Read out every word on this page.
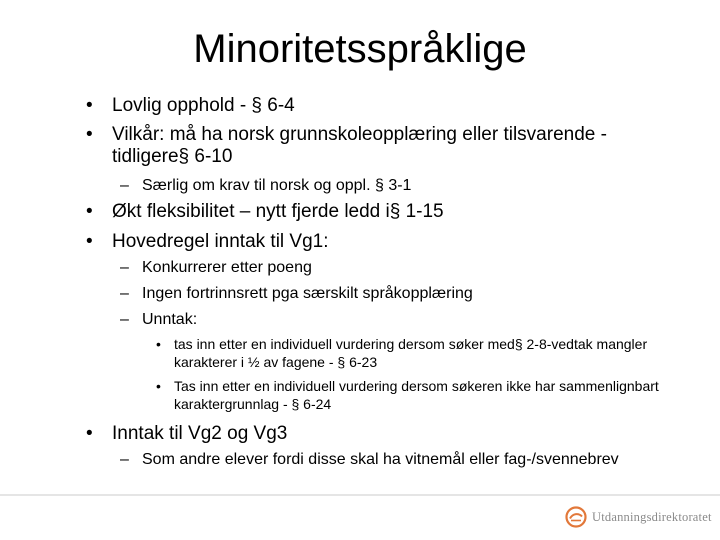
Minoritetsspråklige
• Lovlig opphold - § 6-4
• Vilkår: må ha norsk grunnskoleopplæring eller tilsvarende - tidligere§ 6-10
– Særlig om krav til norsk og oppl. § 3-1
• Økt fleksibilitet – nytt fjerde ledd i§ 1-15
• Hovedregel inntak til Vg1:
– Konkurrerer etter poeng
– Ingen fortrinnsrett pga særskilt språkopplæring
– Unntak:
• tas inn etter en individuell vurdering dersom søker med§ 2-8-vedtak mangler karakterer i ½ av fagene - § 6-23
• Tas inn etter en individuell vurdering dersom søkeren ikke har sammenlignbart karaktergrunnlag - § 6-24
• Inntak til Vg2 og Vg3
– Som andre elever fordi disse skal ha vitnemål eller fag-/svennebrev
Utdanningsdirektoratet
